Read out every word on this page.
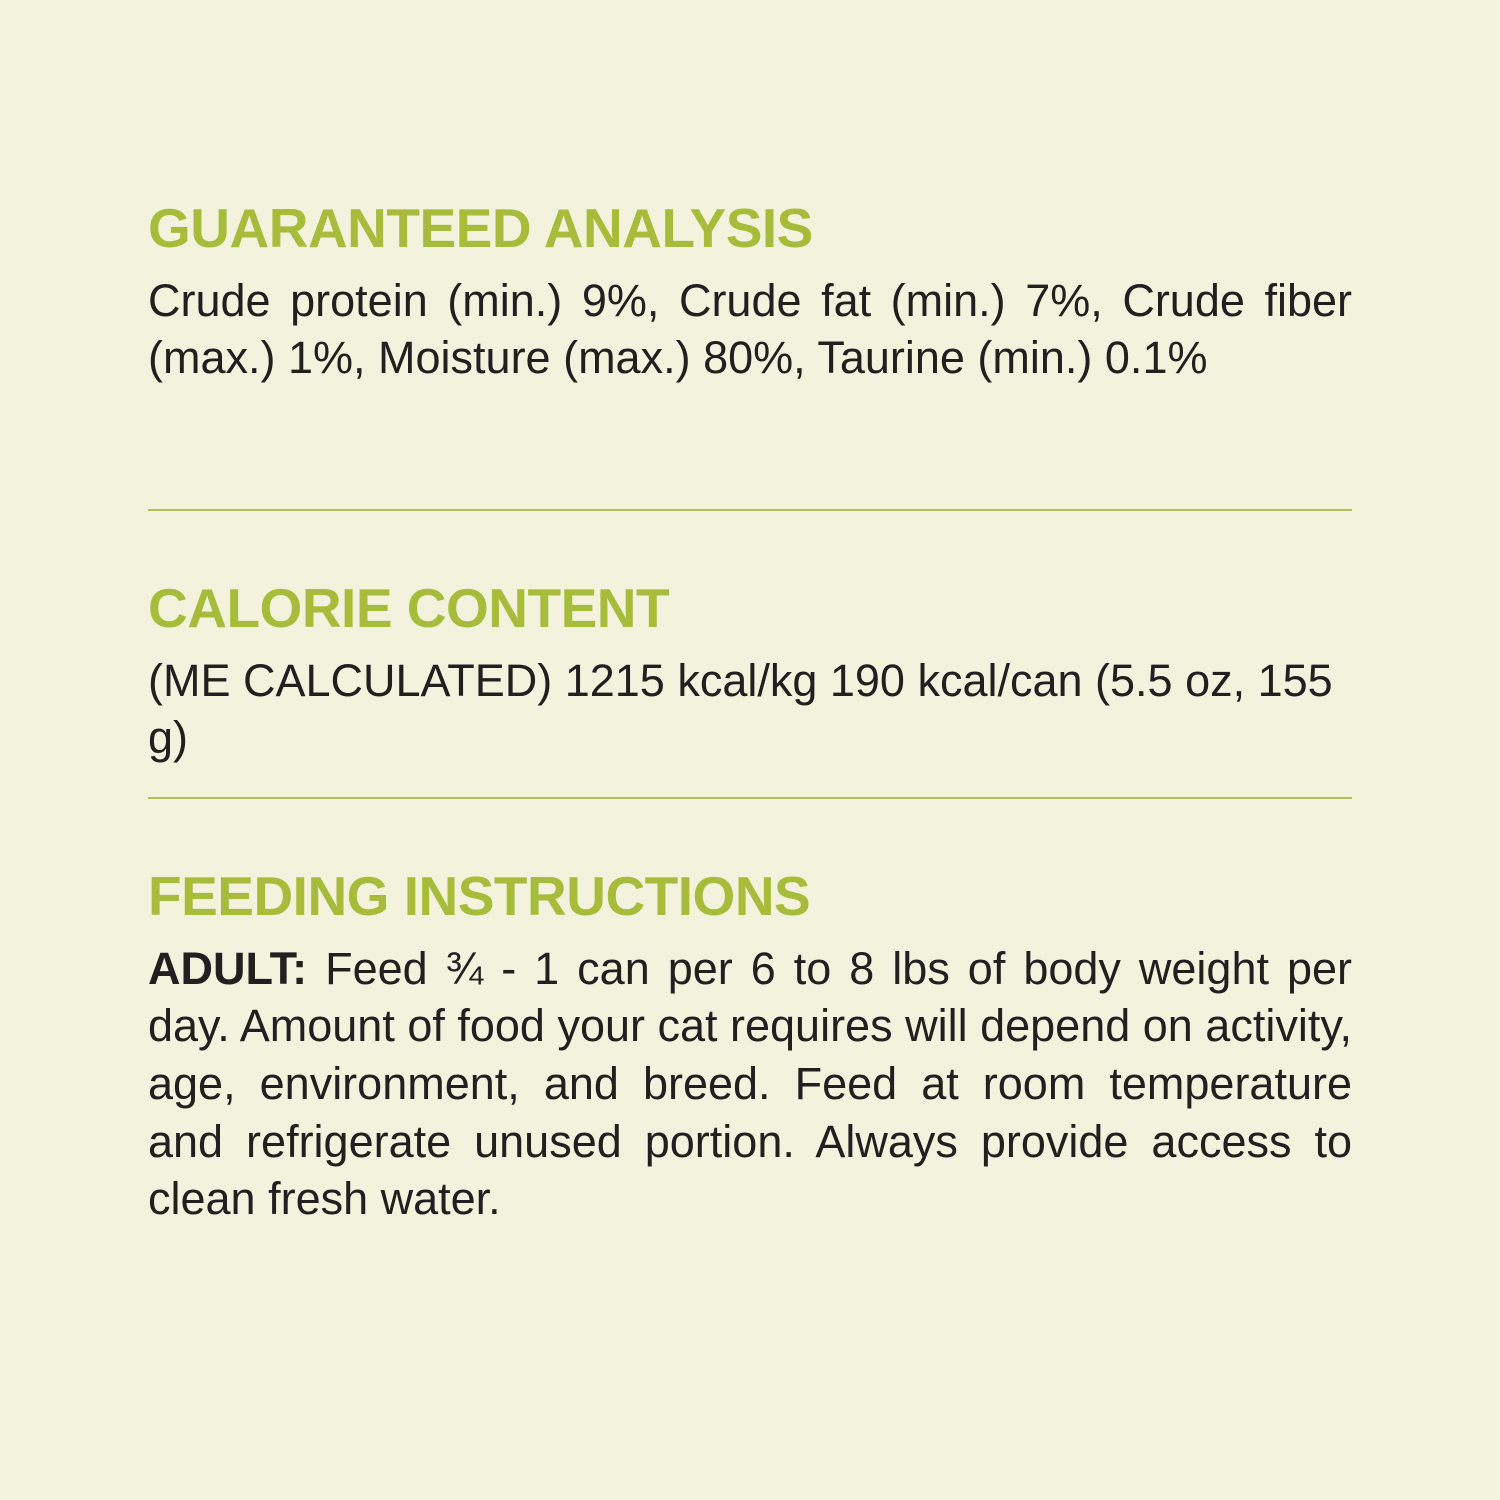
GUARANTEED ANALYSIS

Crude protein (min.) 9%, Crude fat (min.) 7%, Crude fiber (max.) 1%, Moisture (max.) 80%, Taurine (min.) 0.1%

CALORIE CONTENT

(ME CALCULATED) 1215 kcal/kg 190 kcal/can (5.5 oz, 155 g)

FEEDING INSTRUCTIONS

ADULT: Feed ¾ - 1 can per 6 to 8 lbs of body weight per day. Amount of food your cat requires will depend on activity, age, environment, and breed. Feed at room temperature and refrigerate unused portion. Always provide access to clean fresh water.
